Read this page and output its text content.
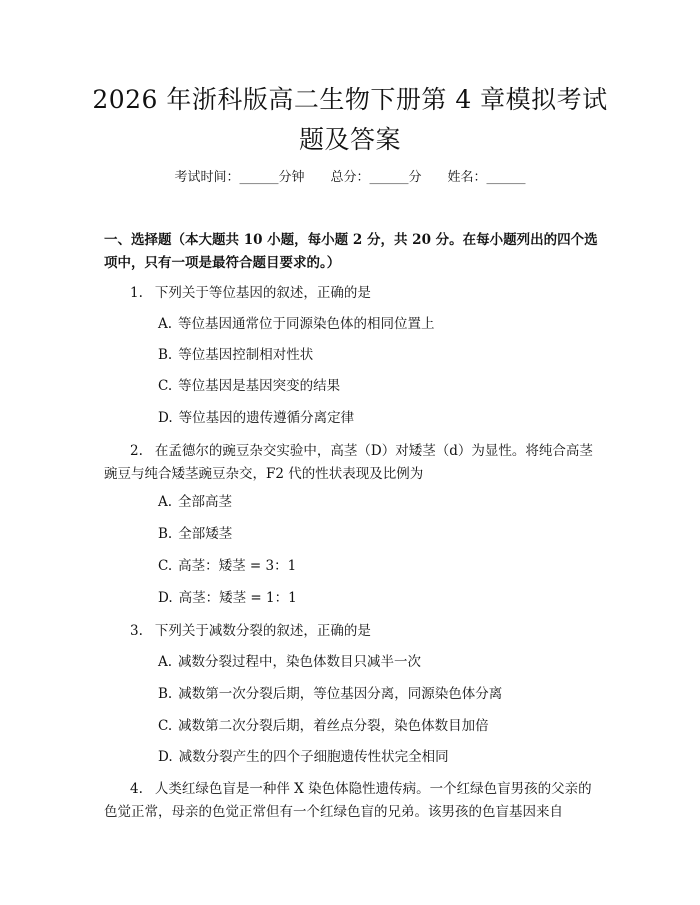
2026 年浙科版高二生物下册第 4 章模拟考试
题及答案
考试时间：______分钟 总分：______分 姓名：______
一、选择题（本大题共 10 小题，每小题 2 分，共 20 分。在每小题列出的四个选项中，只有一项是最符合题目要求的。）
1. 下列关于等位基因的叙述，正确的是
A. 等位基因通常位于同源染色体的相同位置上
B. 等位基因控制相对性状
C. 等位基因是基因突变的结果
D. 等位基因的遗传遵循分离定律
2. 在孟德尔的豌豆杂交实验中，高茎（D）对矮茎（d）为显性。将纯合高茎豌豆与纯合矮茎豌豆杂交，F2 代的性状表现及比例为
A. 全部高茎
B. 全部矮茎
C. 高茎：矮茎 = 3：1
D. 高茎：矮茎 = 1：1
3. 下列关于减数分裂的叙述，正确的是
A. 减数分裂过程中，染色体数目只减半一次
B. 减数第一次分裂后期，等位基因分离，同源染色体分离
C. 减数第二次分裂后期，着丝点分裂，染色体数目加倍
D. 减数分裂产生的四个子细胞遗传性状完全相同
4. 人类红绿色盲是一种伴 X 染色体隐性遗传病。一个红绿色盲男孩的父亲的色觉正常，母亲的色觉正常但有一个红绿色盲的兄弟。该男孩的色盲基因来自
